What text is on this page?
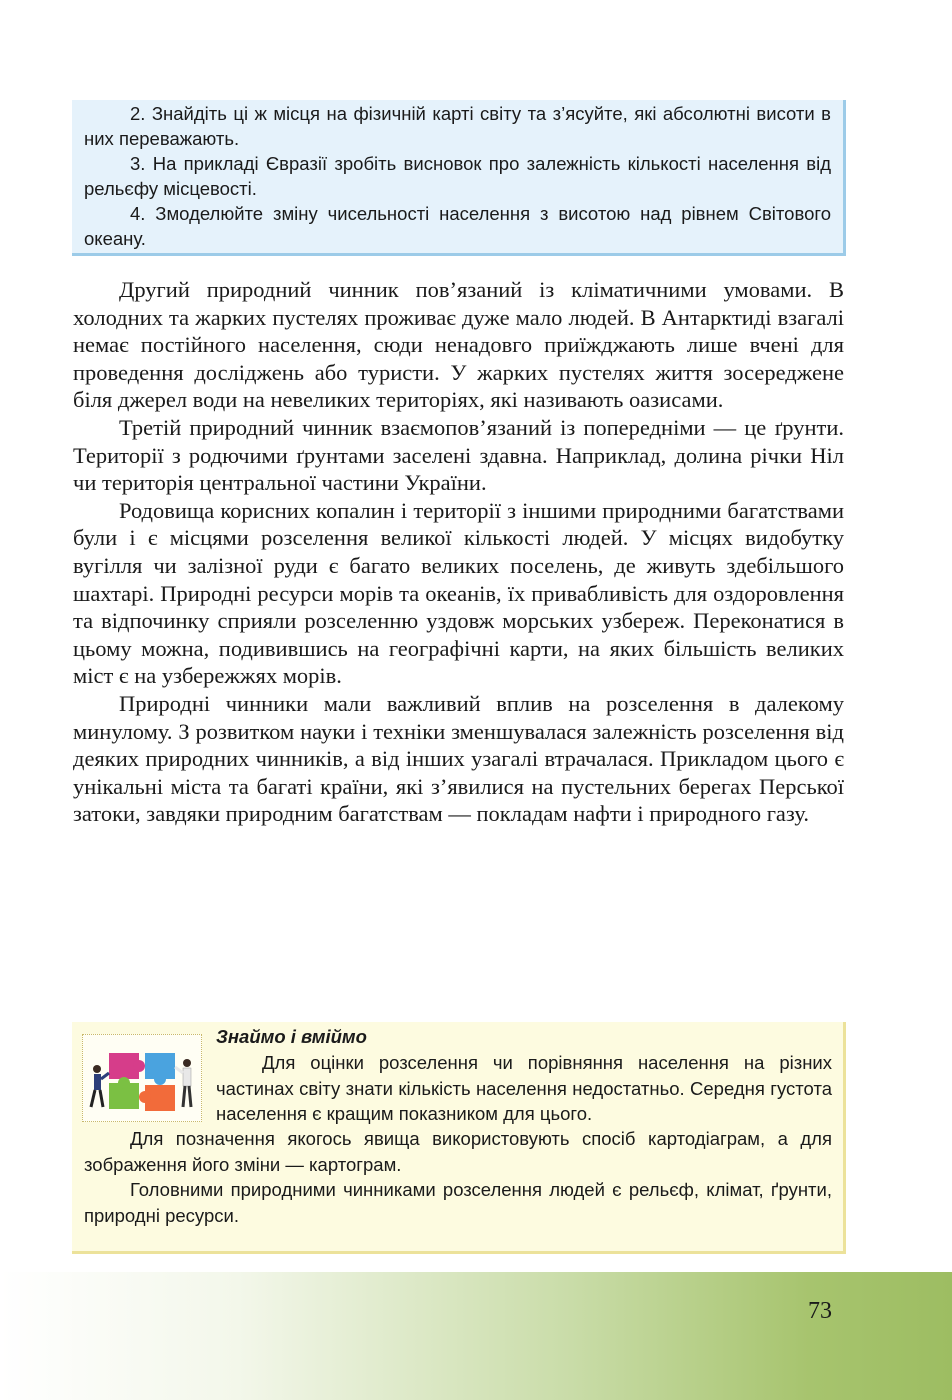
2. Знайдіть ці ж місця на фізичній карті світу та з’ясуйте, які абсолютні висоти в них переважають.

3. На прикладі Євразії зробіть висновок про залежність кількості населення від рельєфу місцевості.

4. Змоделюйте зміну чисельності населення з висотою над рівнем Світового океану.

Другий природний чинник пов’язаний із кліматичними умовами. В холодних та жарких пустелях проживає дуже мало людей. В Антарктиді взагалі немає постійного населення, сюди ненадовго приїжджають лише вчені для проведення досліджень або туристи. У жарких пустелях життя зосереджене біля джерел води на невеликих територіях, які називають оазисами.

Третій природний чинник взаємопов’язаний із попередніми — це ґрунти. Території з родючими ґрунтами заселені здавна. Наприклад, долина річки Ніл чи територія центральної частини України.

Родовища корисних копалин і території з іншими природними багатствами були і є місцями розселення великої кількості людей. У місцях видобутку вугілля чи залізної руди є багато великих поселень, де живуть здебільшого шахтарі. Природні ресурси морів та океанів, їх привабливість для оздоровлення та відпочинку сприяли розселенню уздовж морських узбереж. Переконатися в цьому можна, подивившись на географічні карти, на яких більшість великих міст є на узбережжях морів.

Природні чинники мали важливий вплив на розселення в далекому минулому. З розвитком науки і техніки зменшувалася залежність розселення від деяких природних чинників, а від інших узагалі втрачалася. Прикладом цього є унікальні міста та багаті країни, які з’явилися на пустельних берегах Перської затоки, завдяки природним багатствам — покладам нафти і природного газу.

Знаймо і вміймо

Для оцінки розселення чи порівняння населення на різних частинах світу знати кількість населення недостатньо. Середня густота населення є кращим показником для цього.

Для позначення якогось явища використовують спосіб картодіаграм, а для зображення його зміни — картограм.

Головними природними чинниками розселення людей є рельєф, клімат, ґрунти, природні ресурси.

73
